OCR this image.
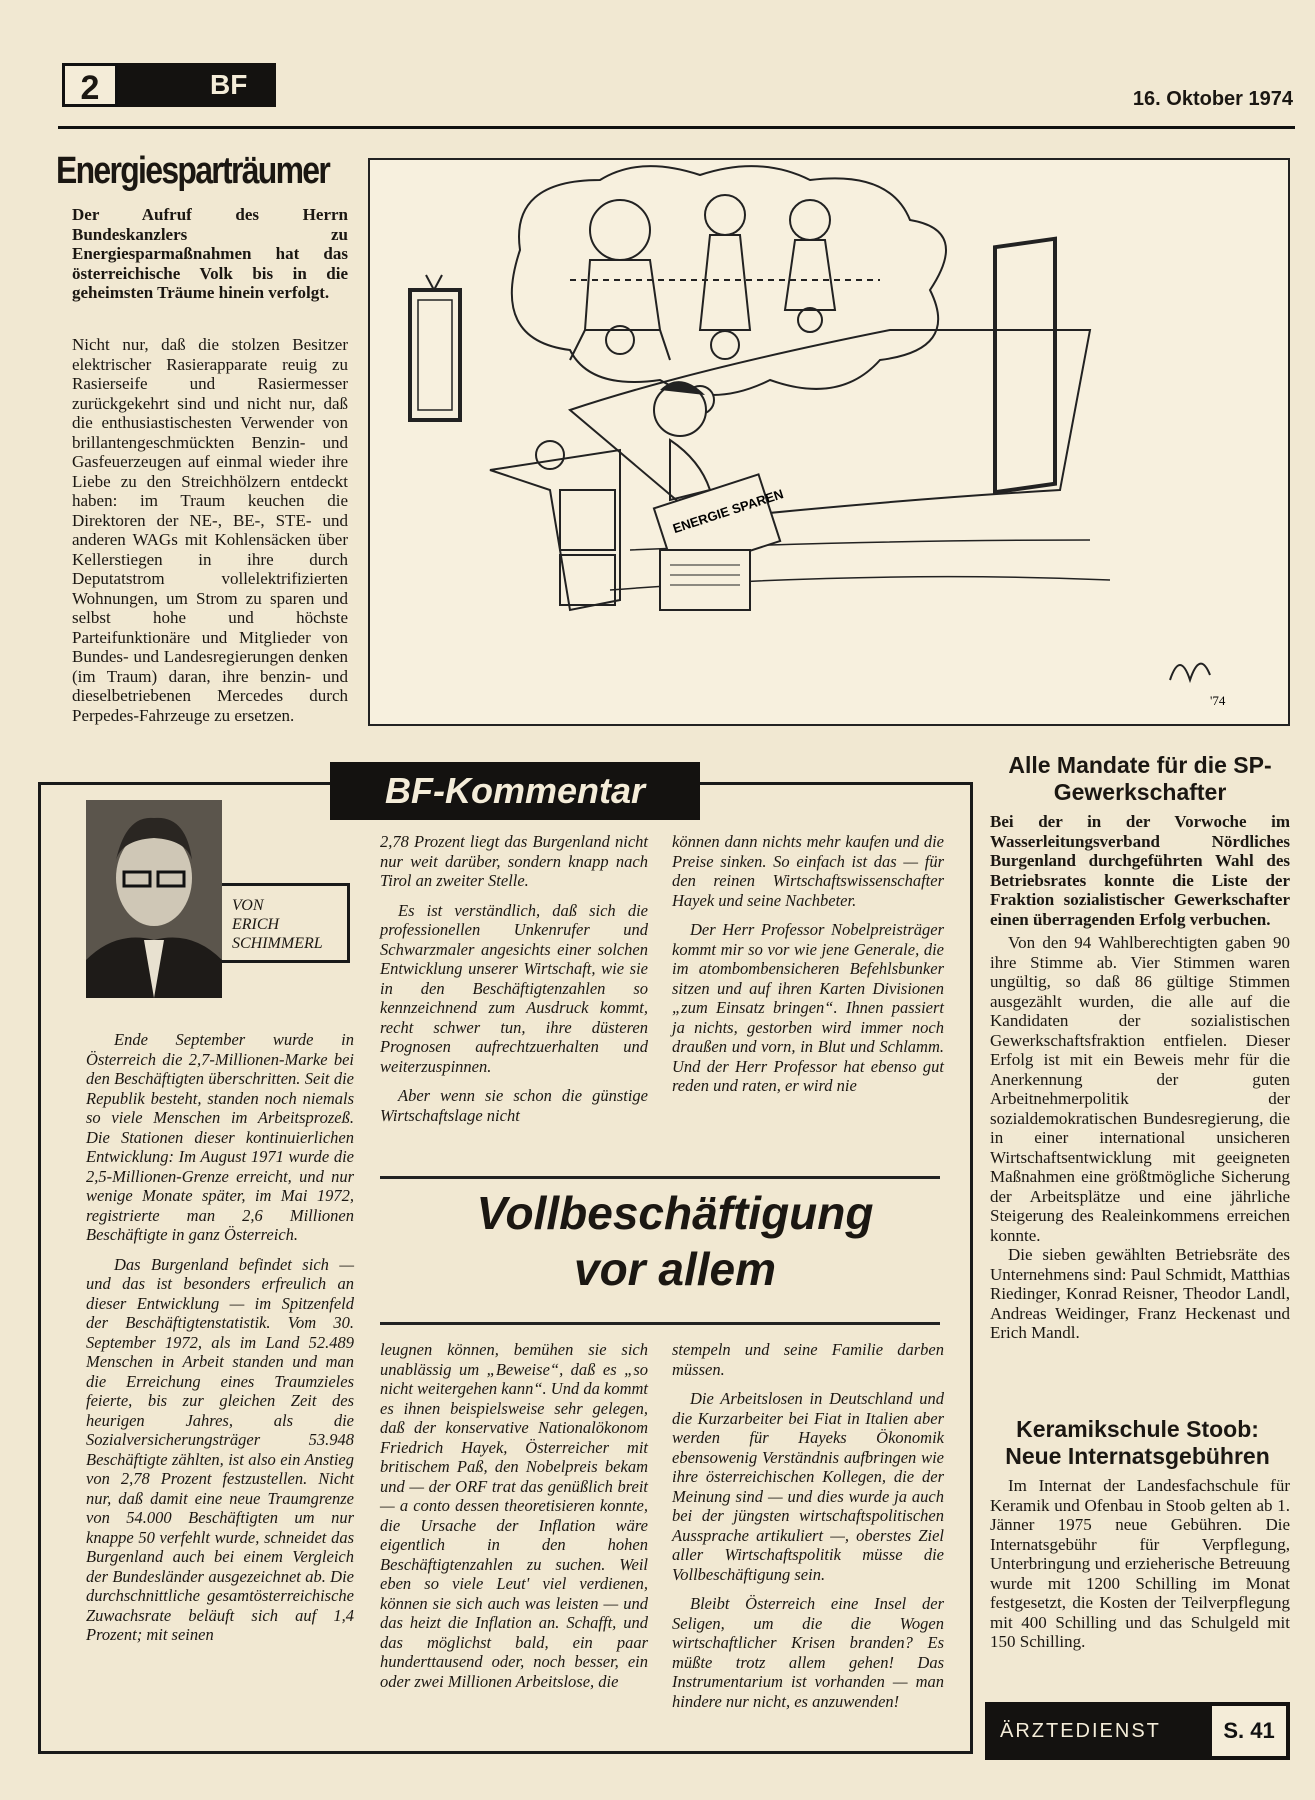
2	BF	16. Oktober 1974
Energiesparträumer
Der Aufruf des Herrn Bundeskanzlers zu Energiesparmaßnahmen hat das österreichische Volk bis in die geheimsten Träume hinein verfolgt.
Nicht nur, daß die stolzen Besitzer elektrischer Rasierapparate reuig zu Rasierseife und Rasiermesser zurückgekehrt sind und nicht nur, daß die enthusiastischesten Verwender von brillantengeschmückten Benzin- und Gasfeuerzeugen auf einmal wieder ihre Liebe zu den Streichhölzern entdeckt haben: im Traum keuchen die Direktoren der NE-, BE-, STE- und anderen WAGs mit Kohlensäcken über Kellerstiegen in ihre durch Deputatstrom vollelektrifizierten Wohnungen, um Strom zu sparen und selbst hohe und höchste Parteifunktionäre und Mitglieder von Bundes- und Landesregierungen denken (im Traum) daran, ihre benzin- und dieselbetriebenen Mercedes durch Perpedes-Fahrzeuge zu ersetzen.
ENERGIE SPAREN
'74
BF-Kommentar
VON
ERICH SCHIMMERL

Ende September wurde in Österreich die 2,7-Millionen-Marke bei den Beschäftigten überschritten. Seit die Republik besteht, standen noch niemals so viele Menschen im Arbeitsprozeß. Die Stationen dieser kontinuierlichen Entwicklung: Im August 1971 wurde die 2,5-Millionen-Grenze erreicht, und nur wenige Monate später, im Mai 1972, registrierte man 2,6 Millionen Beschäftigte in ganz Österreich.

Das Burgenland befindet sich — und das ist besonders erfreulich an dieser Entwicklung — im Spitzenfeld der Beschäftigtenstatistik. Vom 30. September 1972, als im Land 52.489 Menschen in Arbeit standen und man die Erreichung eines Traumzieles feierte, bis zur gleichen Zeit des heurigen Jahres, als die Sozialversicherungsträger 53.948 Beschäftigte zählten, ist also ein Anstieg von 2,78 Prozent festzustellen. Nicht nur, daß damit eine neue Traumgrenze von 54.000 Beschäftigten um nur knappe 50 verfehlt wurde, schneidet das Burgenland auch bei einem Vergleich der Bundesländer ausgezeichnet ab. Die durchschnittliche gesamtösterreichische Zuwachsrate beläuft sich auf 1,4 Prozent; mit seinen

2,78 Prozent liegt das Burgenland nicht nur weit darüber, sondern knapp nach Tirol an zweiter Stelle.

Es ist verständlich, daß sich die professionellen Unkenrufer und Schwarzmaler angesichts einer solchen Entwicklung unserer Wirtschaft, wie sie in den Beschäftigtenzahlen so kennzeichnend zum Ausdruck kommt, recht schwer tun, ihre düsteren Prognosen aufrechtzuerhalten und weiterzuspinnen.

Aber wenn sie schon die günstige Wirtschaftslage nicht

können dann nichts mehr kaufen und die Preise sinken. So einfach ist das — für den reinen Wirtschaftswissenschafter Hayek und seine Nachbeter.

Der Herr Professor Nobelpreisträger kommt mir so vor wie jene Generale, die im atombombensicheren Befehlsbunker sitzen und auf ihren Karten Divisionen „zum Einsatz bringen“. Ihnen passiert ja nichts, gestorben wird immer noch draußen und vorn, in Blut und Schlamm. Und der Herr Professor hat ebenso gut reden und raten, er wird nie

Vollbeschäftigung
vor allem

leugnen können, bemühen sie sich unablässig um „Beweise“, daß es „so nicht weitergehen kann“. Und da kommt es ihnen beispielsweise sehr gelegen, daß der konservative Nationalökonom Friedrich Hayek, Österreicher mit britischem Paß, den Nobelpreis bekam und — der ORF trat das genüßlich breit — a conto dessen theoretisieren konnte, die Ursache der Inflation wäre eigentlich in den hohen Beschäftigtenzahlen zu suchen. Weil eben so viele Leut' viel verdienen, können sie sich auch was leisten — und das heizt die Inflation an. Schafft, und das möglichst bald, ein paar hunderttausend oder, noch besser, ein oder zwei Millionen Arbeitslose, die

stempeln und seine Familie darben müssen.

Die Arbeitslosen in Deutschland und die Kurzarbeiter bei Fiat in Italien aber werden für Hayeks Ökonomik ebensowenig Verständnis aufbringen wie ihre österreichischen Kollegen, die der Meinung sind — und dies wurde ja auch bei der jüngsten wirtschaftspolitischen Aussprache artikuliert —, oberstes Ziel aller Wirtschaftspolitik müsse die Vollbeschäftigung sein.

Bleibt Österreich eine Insel der Seligen, um die die Wogen wirtschaftlicher Krisen branden? Es müßte trotz allem gehen! Das Instrumentarium ist vorhanden — man hindere nur nicht, es anzuwenden!

Alle Mandate für die SP-Gewerkschafter

Bei der in der Vorwoche im Wasserleitungsverband Nördliches Burgenland durchgeführten Wahl des Betriebsrates konnte die Liste der Fraktion sozialistischer Gewerkschafter einen überragenden Erfolg verbuchen.

Von den 94 Wahlberechtigten gaben 90 ihre Stimme ab. Vier Stimmen waren ungültig, so daß 86 gültige Stimmen ausgezählt wurden, die alle auf die Kandidaten der sozialistischen Gewerkschaftsfraktion entfielen. Dieser Erfolg ist mit ein Beweis mehr für die Anerkennung der guten Arbeitnehmerpolitik der sozialdemokratischen Bundesregierung, die in einer international unsicheren Wirtschaftsentwicklung mit geeigneten Maßnahmen eine größtmögliche Sicherung der Arbeitsplätze und eine jährliche Steigerung des Realeinkommens erreichen konnte.

Die sieben gewählten Betriebsräte des Unternehmens sind: Paul Schmidt, Matthias Riedinger, Konrad Reisner, Theodor Landl, Andreas Weidinger, Franz Heckenast und Erich Mandl.

Keramikschule Stoob: Neue Internatsgebühren

Im Internat der Landesfachschule für Keramik und Ofenbau in Stoob gelten ab 1. Jänner 1975 neue Gebühren. Die Internatsgebühr für Verpflegung, Unterbringung und erzieherische Betreuung wurde mit 1200 Schilling im Monat festgesetzt, die Kosten der Teilverpflegung mit 400 Schilling und das Schulgeld mit 150 Schilling.

ÄRZTEDIENST	S. 41
